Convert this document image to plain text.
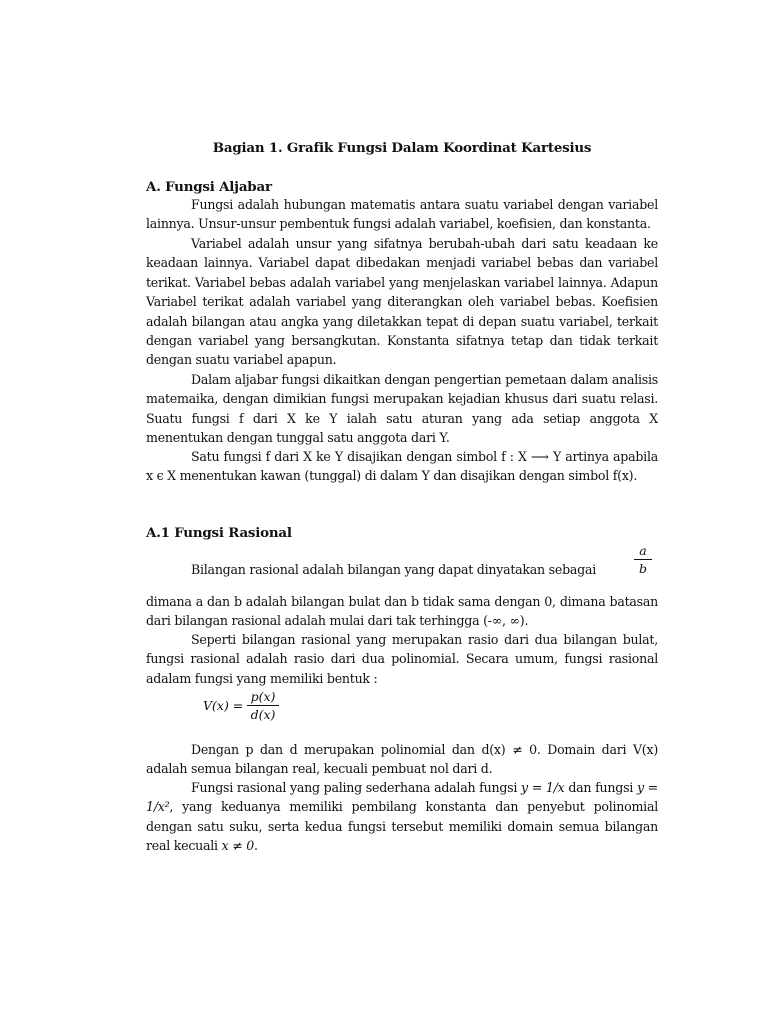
Bagian 1. Grafik Fungsi Dalam Koordinat Kartesius
A. Fungsi Aljabar

Fungsi adalah hubungan matematis antara suatu variabel dengan variabel lainnya. Unsur-unsur pembentuk fungsi adalah variabel, koefisien, dan konstanta.

Variabel adalah unsur yang sifatnya berubah-ubah dari satu keadaan ke keadaan lainnya. Variabel dapat dibedakan menjadi variabel bebas dan variabel terikat. Variabel bebas adalah variabel yang menjelaskan variabel lainnya. Adapun Variabel terikat adalah variabel yang diterangkan oleh variabel bebas. Koefisien adalah bilangan atau angka yang diletakkan tepat di depan suatu variabel, terkait dengan variabel yang bersangkutan. Konstanta sifatnya tetap dan tidak terkait dengan suatu variabel apapun.

Dalam aljabar fungsi dikaitkan dengan pengertian pemetaan dalam analisis matemaika, dengan dimikian fungsi merupakan kejadian khusus dari suatu relasi. Suatu fungsi f dari X ke Y ialah satu aturan yang ada setiap anggota X menentukan dengan tunggal satu anggota dari Y.

Satu fungsi f dari X ke Y disajikan dengan simbol f : X ⟶ Y artinya apabila x ϵ X menentukan kawan (tunggal) di dalam Y dan disajikan dengan simbol f(x).

A.1 Fungsi Rasional

Bilangan rasional adalah bilangan yang dapat dinyatakan sebagai

a
b

dimana a dan b adalah bilangan bulat dan b tidak sama dengan 0, dimana batasan dari bilangan rasional adalah mulai dari tak terhingga (-∞, ∞).

Seperti bilangan rasional yang merupakan rasio dari dua bilangan bulat, fungsi rasional adalah rasio dari dua polinomial. Secara umum, fungsi rasional adalam fungsi yang memiliki bentuk :

V(x) =
p(x)
d(x)

Dengan p dan d merupakan polinomial dan d(x) ≠ 0. Domain dari V(x) adalah semua bilangan real, kecuali pembuat nol dari d.

Fungsi rasional yang paling sederhana adalah fungsi y = 1/x dan fungsi y = 1/x², yang keduanya memiliki pembilang konstanta dan penyebut polinomial dengan satu suku, serta kedua fungsi tersebut memiliki domain semua bilangan real kecuali x ≠ 0.
